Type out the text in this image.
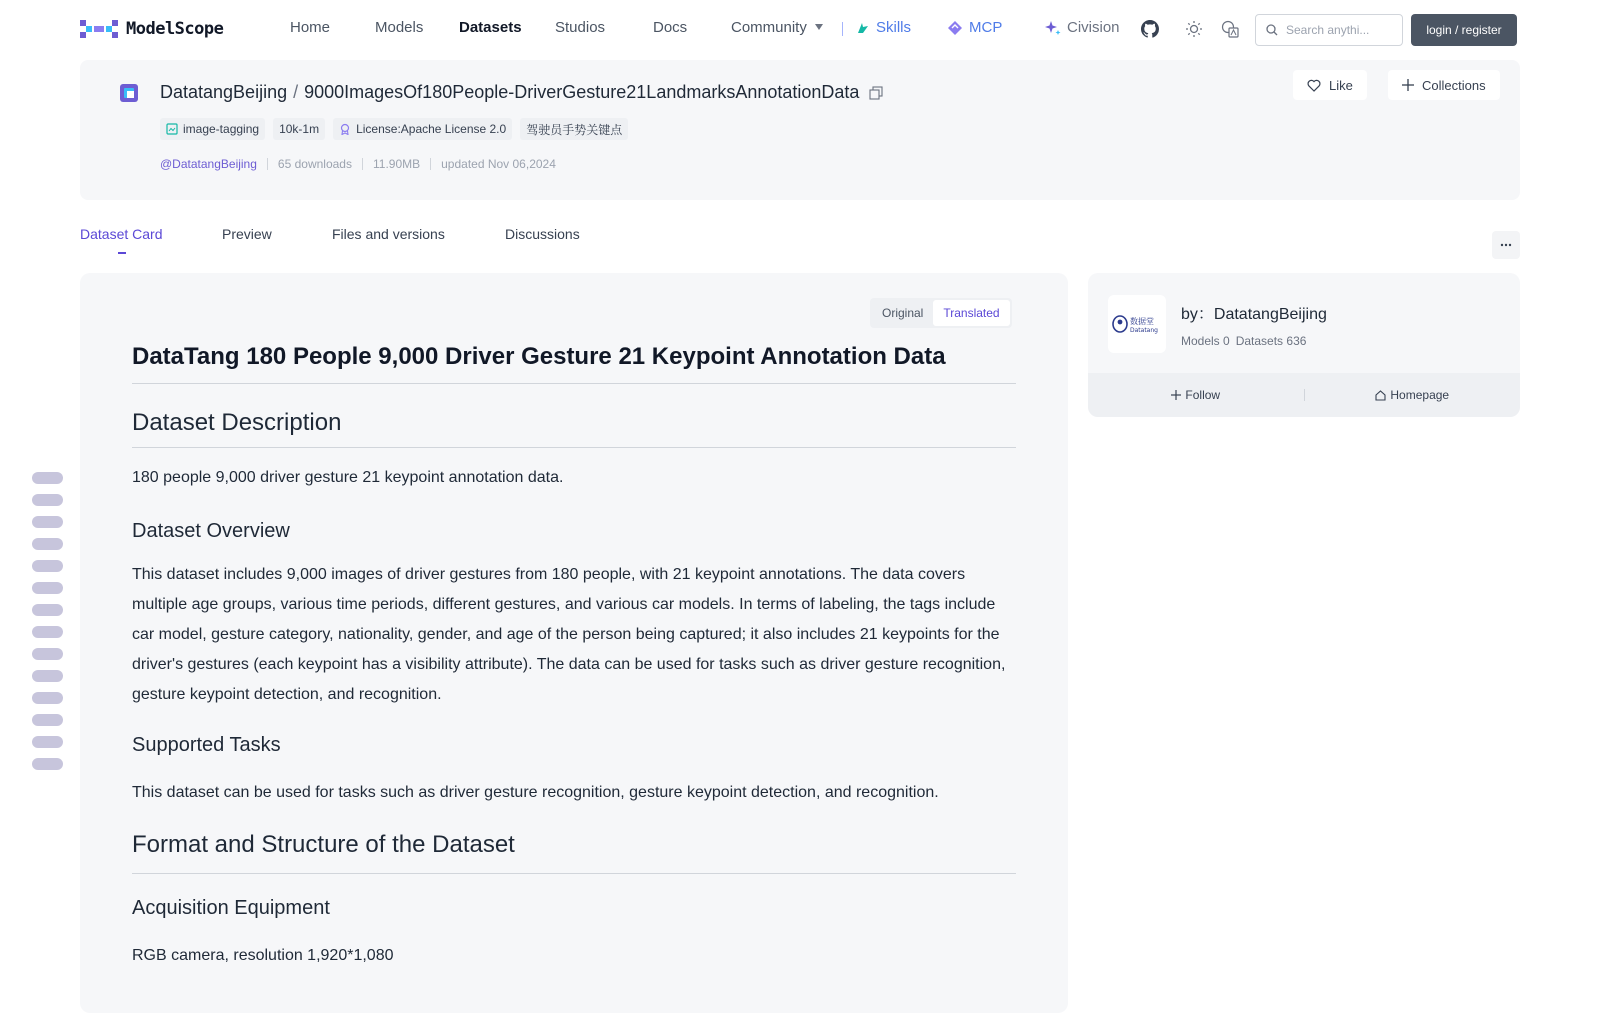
ModelScope	Home	Models Datasets Studios	Docs	Community	Skills	MCP	Civision
Search anythi...	login / register
DatatangBeijing / 9000ImagesOf180People-DriverGesture21LandmarksAnnotationData
image-tagging	10k-1m	License:Apache License 2.0	驾驶员手势关键点
@DatatangBeijing 65 downloads 11.90MB updated Nov 06,2024
Like	Collections
Dataset Card	Preview	Files and versions	Discussions
Original	Translated
DataTang 180 People 9,000 Driver Gesture 21 Keypoint Annotation Data
Dataset Description
180 people 9,000 driver gesture 21 keypoint annotation data.
Dataset Overview
This dataset includes 9,000 images of driver gestures from 180 people, with 21 keypoint annotations. The data covers multiple age groups, various time periods, different gestures, and various car models. In terms of labeling, the tags include car model, gesture category, nationality, gender, and age of the person being captured; it also includes 21 keypoints for the driver's gestures (each keypoint has a visibility attribute). The data can be used for tasks such as driver gesture recognition, gesture keypoint detection, and recognition.
Supported Tasks
This dataset can be used for tasks such as driver gesture recognition, gesture keypoint detection, and recognition.
Format and Structure of the Dataset
Acquisition Equipment
RGB camera, resolution 1,920*1,080
数据堂
Datatang
by：DatatangBeijing
Models 0 Datasets 636
Follow	Homepage
